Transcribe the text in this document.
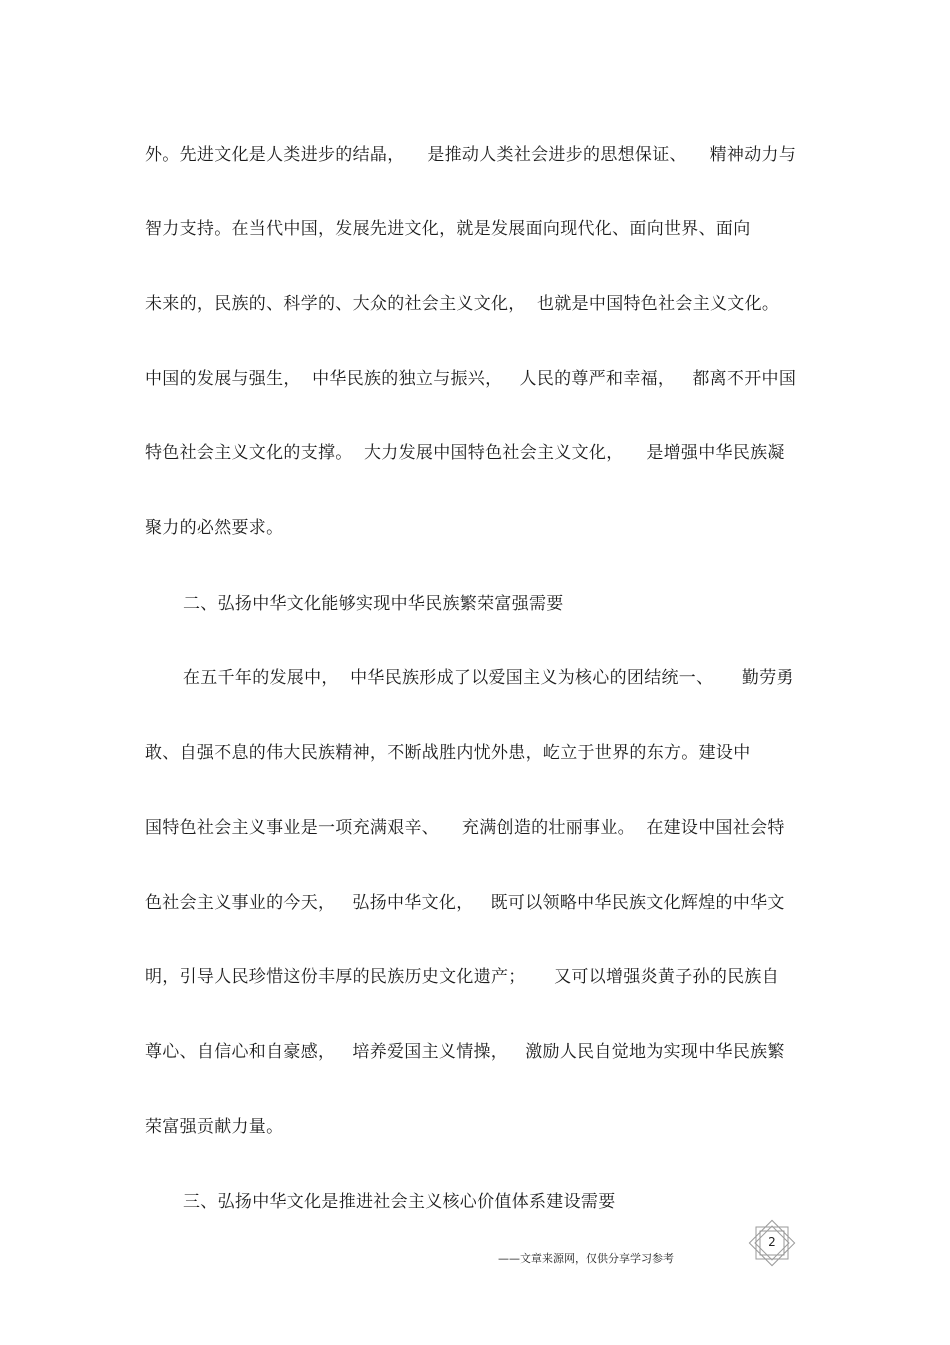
外。先进文化是人类进步的结晶，    是推动人类社会进步的思想保证、    精神动力与
智力支持。在当代中国，发展先进文化，就是发展面向现代化、面向世界、面向
未来的，民族的、科学的、大众的社会主义文化，  也就是中国特色社会主义文化。
中国的发展与强生，  中华民族的独立与振兴，   人民的尊严和幸福，   都离不开中国
特色社会主义文化的支撑。  大力发展中国特色社会主义文化，    是增强中华民族凝
聚力的必然要求。
二、弘扬中华文化能够实现中华民族繁荣富强需要
在五千年的发展中，  中华民族形成了以爱国主义为核心的团结统一、     勤劳勇
敢、自强不息的伟大民族精神，不断战胜内忧外患，屹立于世界的东方。建设中
国特色社会主义事业是一项充满艰辛、    充满创造的壮丽事业。  在建设中国社会特
色社会主义事业的今天，   弘扬中华文化，   既可以领略中华民族文化辉煌的中华文
明，引导人民珍惜这份丰厚的民族历史文化遗产；     又可以增强炎黄子孙的民族自
尊心、自信心和自豪感，   培养爱国主义情操，   激励人民自觉地为实现中华民族繁
荣富强贡献力量。
三、弘扬中华文化是推进社会主义核心价值体系建设需要
——文章来源网，仅供分享学习参考
2
